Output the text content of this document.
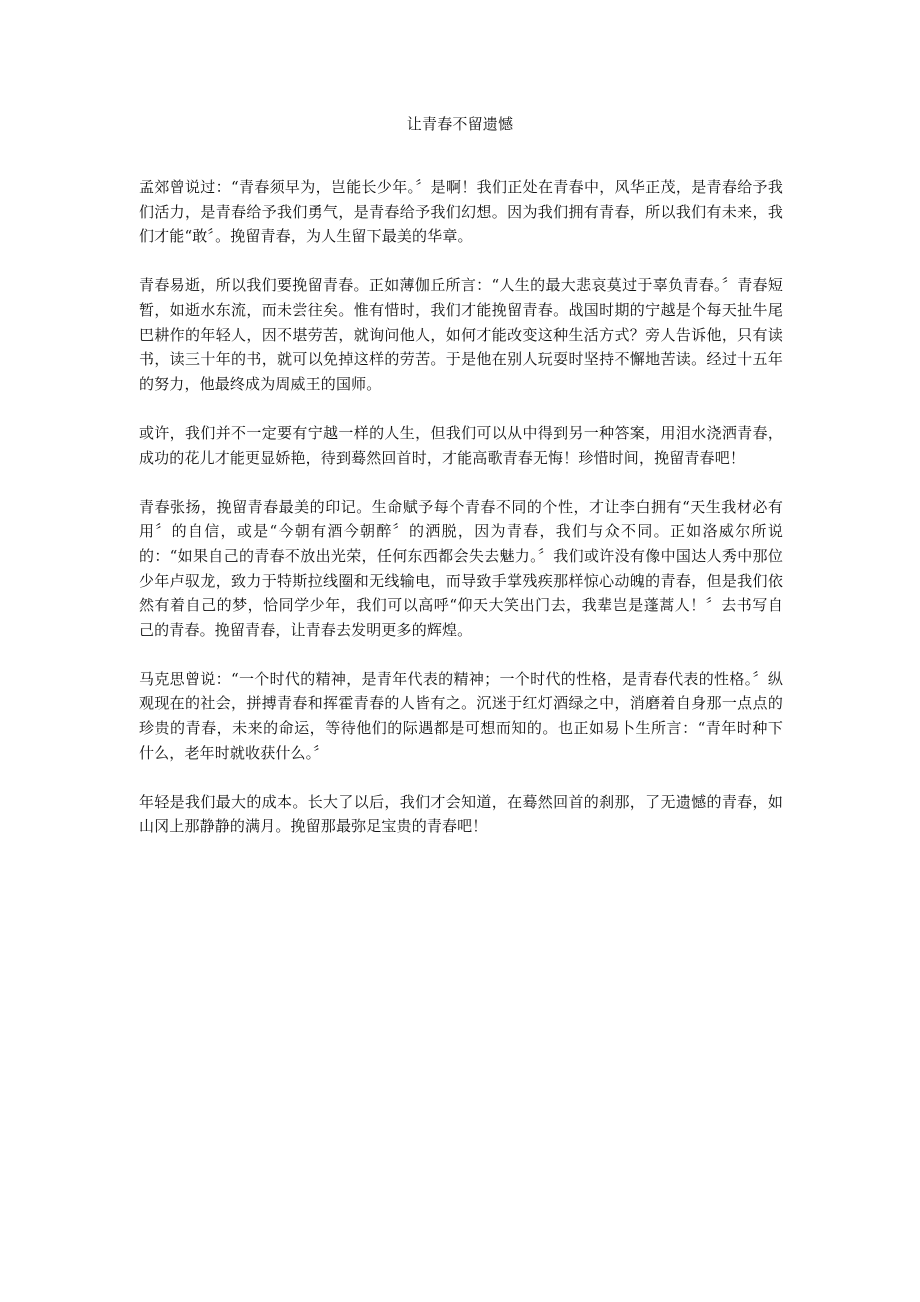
让青春不留遗憾

孟郊曾说过：“青春须早为，岂能长少年。〞是啊！我们正处在青春中，风华正茂，是青春给予我们活力，是青春给予我们勇气，是青春给予我们幻想。因为我们拥有青春，所以我们有未来，我们才能“敢〞。挽留青春，为人生留下最美的华章。

青春易逝，所以我们要挽留青春。正如薄伽丘所言：“人生的最大悲哀莫过于辜负青春。〞青春短暂，如逝水东流，而未尝往矣。惟有惜时，我们才能挽留青春。战国时期的宁越是个每天扯牛尾巴耕作的年轻人，因不堪劳苦，就询问他人，如何才能改变这种生活方式？旁人告诉他，只有读书，读三十年的书，就可以免掉这样的劳苦。于是他在别人玩耍时坚持不懈地苦读。经过十五年的努力，他最终成为周威王的国师。

或许，我们并不一定要有宁越一样的人生，但我们可以从中得到另一种答案，用泪水浇洒青春，成功的花儿才能更显娇艳，待到蓦然回首时，才能高歌青春无悔！珍惜时间，挽留青春吧！

青春张扬，挽留青春最美的印记。生命赋予每个青春不同的个性，才让李白拥有“天生我材必有用〞的自信，或是“今朝有酒今朝醉〞的洒脱，因为青春，我们与众不同。正如洛威尔所说的：“如果自己的青春不放出光荣，任何东西都会失去魅力。〞我们或许没有像中国达人秀中那位少年卢驭龙，致力于特斯拉线圈和无线输电，而导致手掌残疾那样惊心动魄的青春，但是我们依然有着自己的梦，恰同学少年，我们可以高呼“仰天大笑出门去，我辈岂是蓬蒿人！〞去书写自己的青春。挽留青春，让青春去发明更多的辉煌。

马克思曾说：“一个时代的精神，是青年代表的精神；一个时代的性格，是青春代表的性格。〞纵观现在的社会，拼搏青春和挥霍青春的人皆有之。沉迷于红灯酒绿之中，消磨着自身那一点点的珍贵的青春，未来的命运，等待他们的际遇都是可想而知的。也正如易卜生所言：“青年时种下什么，老年时就收获什么。〞

年轻是我们最大的成本。长大了以后，我们才会知道，在蓦然回首的刹那，了无遗憾的青春，如山冈上那静静的满月。挽留那最弥足宝贵的青春吧！
